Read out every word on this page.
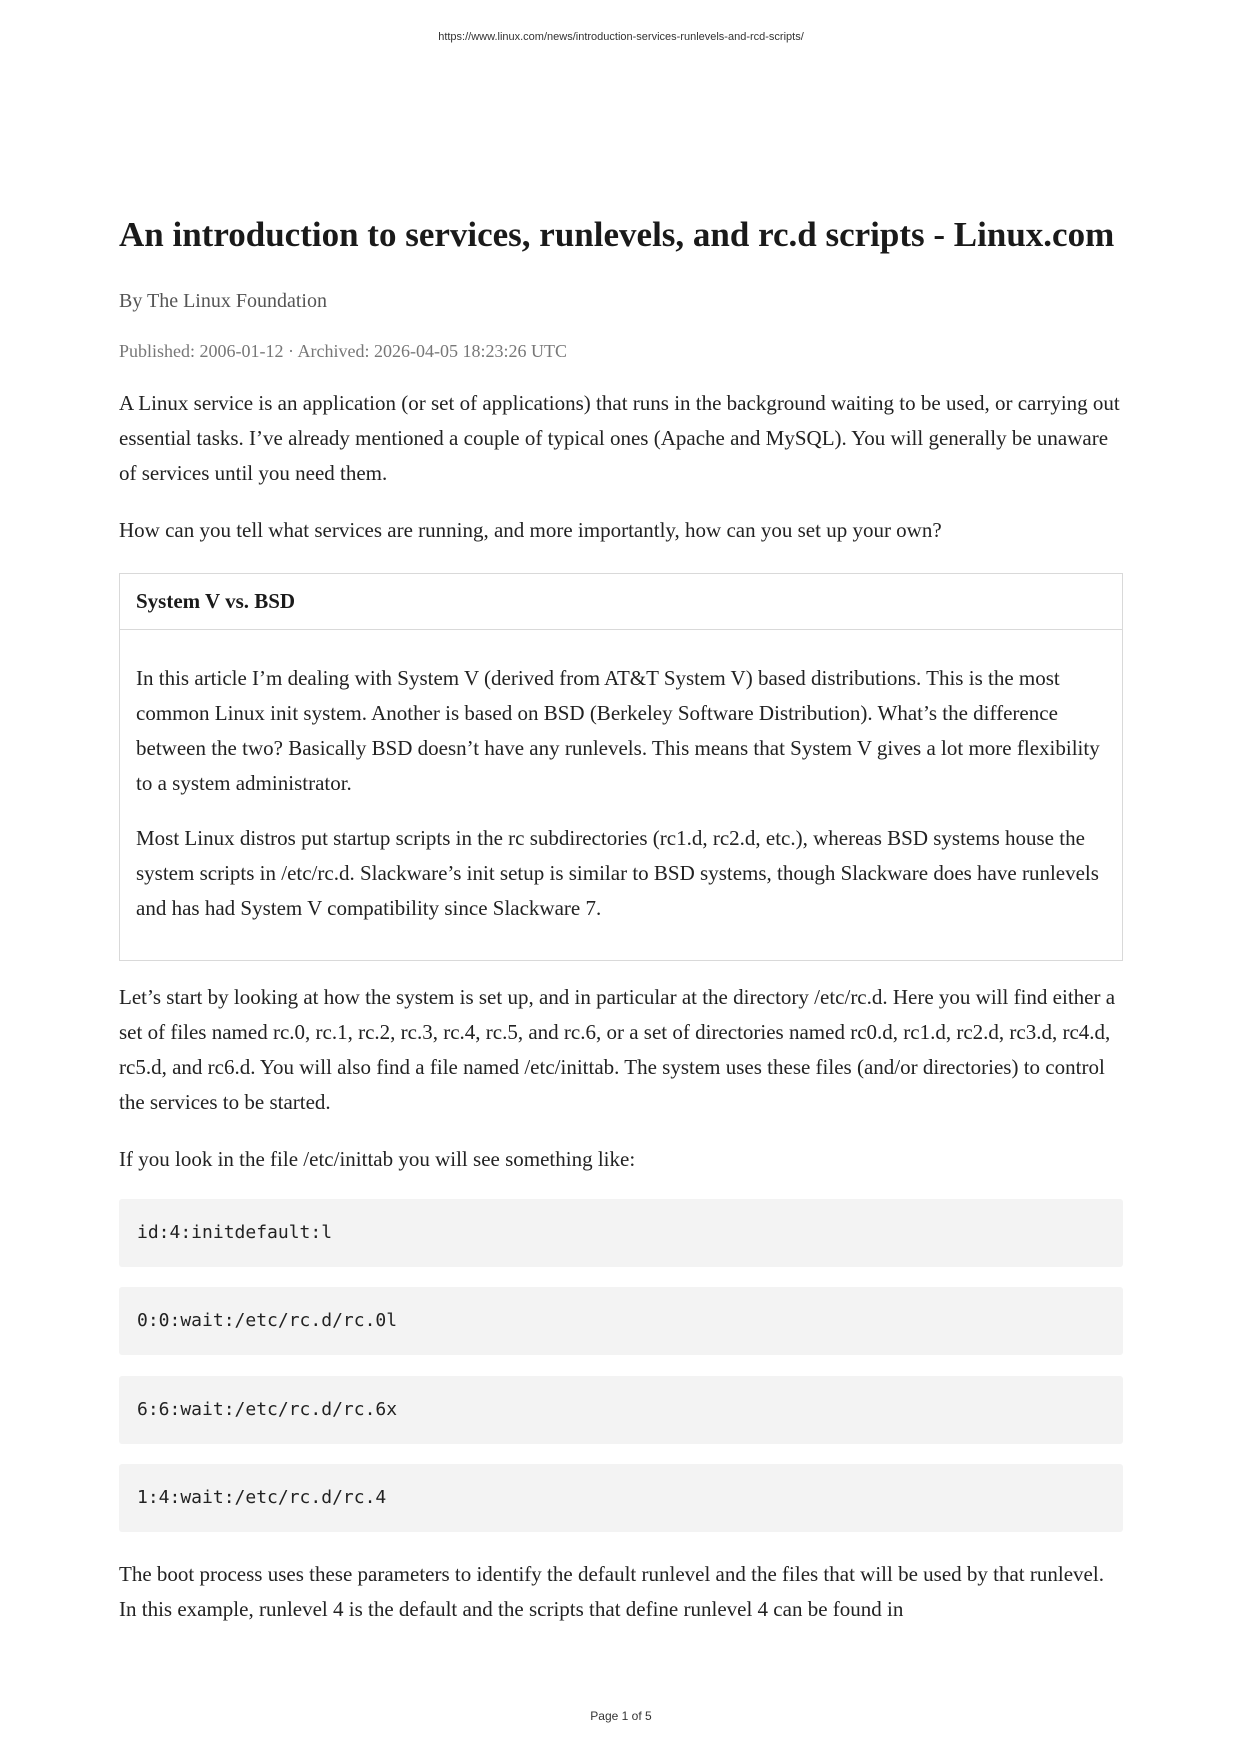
https://www.linux.com/news/introduction-services-runlevels-and-rcd-scripts/
An introduction to services, runlevels, and rc.d scripts - Linux.com
By The Linux Foundation
Published: 2006-01-12 · Archived: 2026-04-05 18:23:26 UTC

A Linux service is an application (or set of applications) that runs in the background waiting to be used, or carrying out essential tasks. I’ve already mentioned a couple of typical ones (Apache and MySQL). You will generally be unaware of services until you need them.

How can you tell what services are running, and more importantly, how can you set up your own?

System V vs. BSD

In this article I’m dealing with System V (derived from AT&T System V) based distributions. This is the most common Linux init system. Another is based on BSD (Berkeley Software Distribution). What’s the difference between the two? Basically BSD doesn’t have any runlevels. This means that System V gives a lot more flexibility to a system administrator.

Most Linux distros put startup scripts in the rc subdirectories (rc1.d, rc2.d, etc.), whereas BSD systems house the system scripts in /etc/rc.d. Slackware’s init setup is similar to BSD systems, though Slackware does have runlevels and has had System V compatibility since Slackware 7.

Let’s start by looking at how the system is set up, and in particular at the directory /etc/rc.d. Here you will find either a set of files named rc.0, rc.1, rc.2, rc.3, rc.4, rc.5, and rc.6, or a set of directories named rc0.d, rc1.d, rc2.d, rc3.d, rc4.d, rc5.d, and rc6.d. You will also find a file named /etc/inittab. The system uses these files (and/or directories) to control the services to be started.

If you look in the file /etc/inittab you will see something like:

id:4:initdefault:l
0:0:wait:/etc/rc.d/rc.0l
6:6:wait:/etc/rc.d/rc.6x
1:4:wait:/etc/rc.d/rc.4

The boot process uses these parameters to identify the default runlevel and the files that will be used by that runlevel. In this example, runlevel 4 is the default and the scripts that define runlevel 4 can be found in

Page 1 of 5
